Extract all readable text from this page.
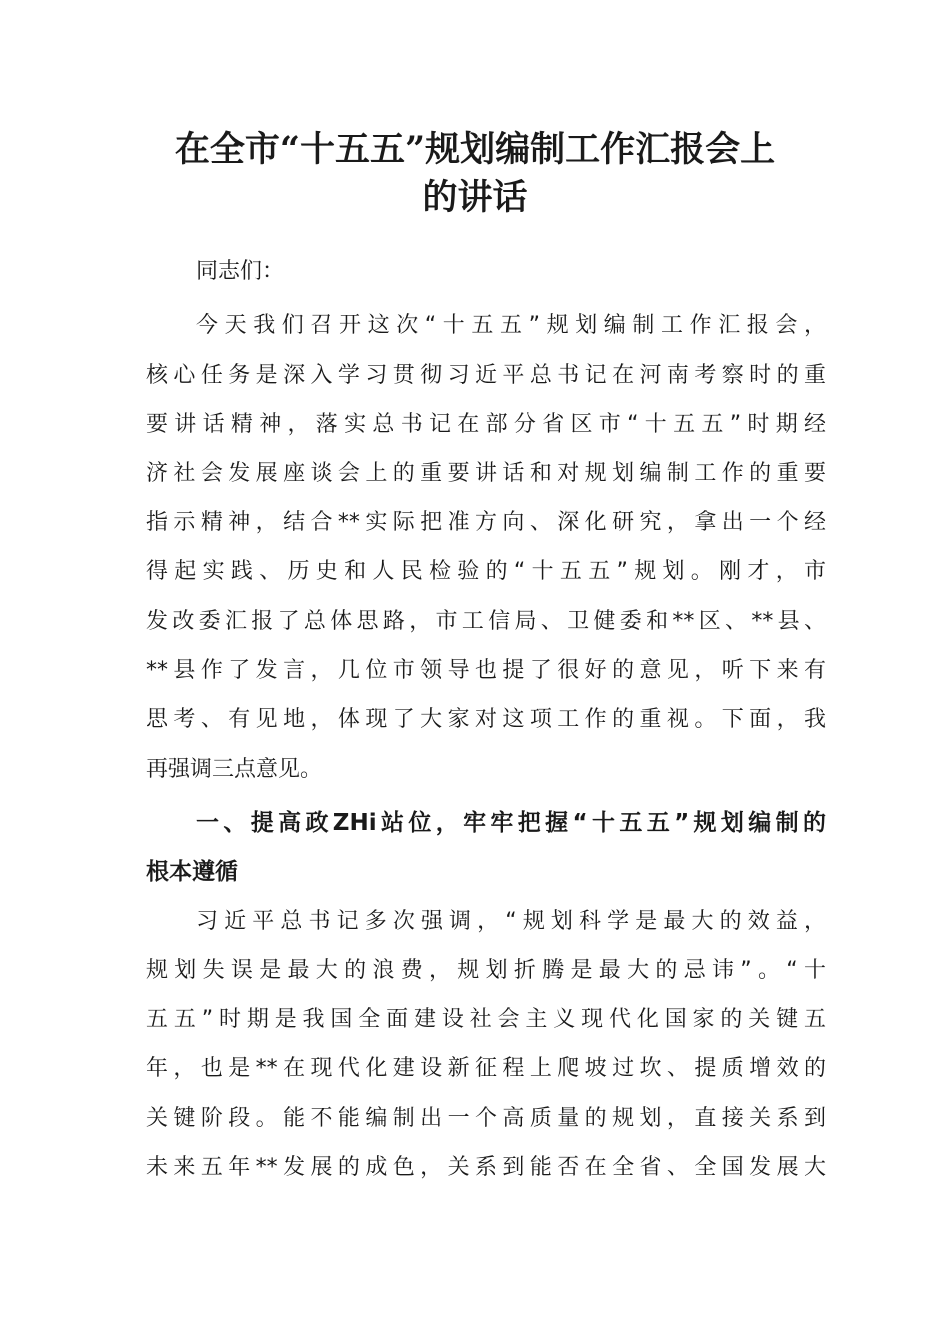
在全市“十五五”规划编制工作汇报会上
的讲话
同志们：
今天我们召开这次“十五五”规划编制工作汇报会，
核心任务是深入学习贯彻习近平总书记在河南考察时的重
要讲话精神，落实总书记在部分省区市“十五五”时期经
济社会发展座谈会上的重要讲话和对规划编制工作的重要
指示精神，结合**实际把准方向、深化研究，拿出一个经
得起实践、历史和人民检验的“十五五”规划。刚才，市
发改委汇报了总体思路，市工信局、卫健委和**区、**县、
**县作了发言，几位市领导也提了很好的意见，听下来有
思考、有见地，体现了大家对这项工作的重视。下面，我
再强调三点意见。
一、提高政ZHi站位，牢牢把握“十五五”规划编制的
根本遵循
习近平总书记多次强调，“规划科学是最大的效益，
规划失误是最大的浪费，规划折腾是最大的忌讳”。“十
五五”时期是我国全面建设社会主义现代化国家的关键五
年，也是**在现代化建设新征程上爬坡过坎、提质增效的
关键阶段。能不能编制出一个高质量的规划，直接关系到
未来五年**发展的成色，关系到能否在全省、全国发展大
